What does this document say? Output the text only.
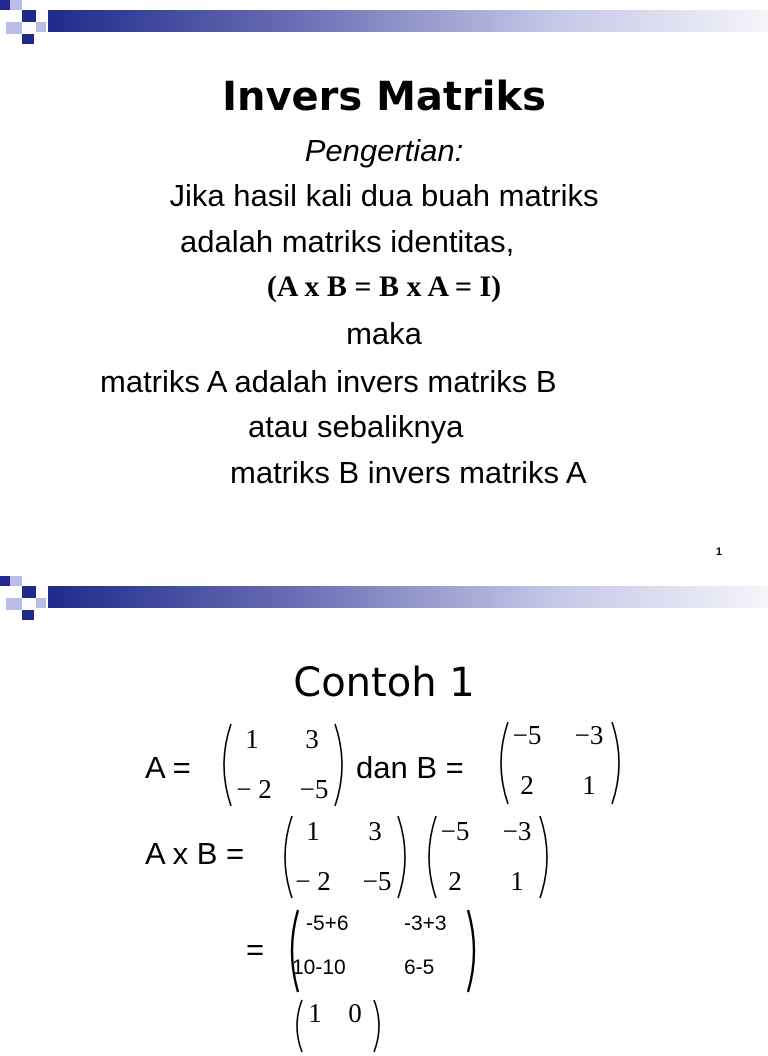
Invers Matriks
Pengertian:
Jika hasil kali dua buah matriks
adalah matriks identitas,
(A x B = B x A = I)
maka
matriks A adalah invers matriks B
atau sebaliknya
matriks B invers matriks A
1
Contoh 1
A =
1	3
− 2	−5
dan B =
−5	−3
2	1
A x B =
1	3
− 2	−5
−5	−3
2	1
=
-5+6	-3+3
10-10	6-5
1 0
